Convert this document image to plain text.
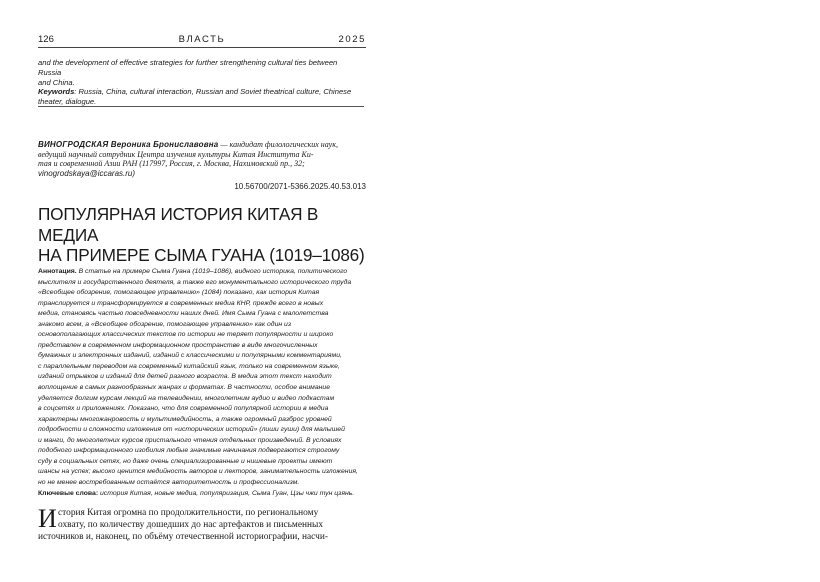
126	ВЛАСТЬ	2025
and the development of effective strategies for further strengthening cultural ties between Russia
and China.
Keywords: Russia, China, cultural interaction, Russian and Soviet theatrical culture, Chinese
theater, dialogue.
ВИНОГРОДСКАЯ Вероника Брониславовна — кандидат филологических наук,
ведущий научный сотрудник Центра изучения культуры Китая Института Ки-
тая и современной Азии РАН (117997, Россия, г. Москва, Нахимовский пр., 32;
vinogrodskaya@iccaras.ru)
10.56700/2071-5366.2025.40.53.013
ПОПУЛЯРНАЯ ИСТОРИЯ КИТАЯ В МЕДИА
НА ПРИМЕРЕ СЫМА ГУАНА (1019–1086)
Аннотация. В статье на примере Сыма Гуана (1019–1086), видного историка, политического
мыслителя и государственного деятеля, а также его монументального исторического труда
«Всеобщее обозрение, помогающее управлению» (1084) показано, как история Китая
транслируется и трансформируется в современных медиа КНР, прежде всего в новых
медиа, становясь частью повседневности наших дней. Имя Сыма Гуана с малолетства
знакомо всем, а «Всеобщее обозрение, помогающее управлению» как один из
основополагающих классических текстов по истории не теряет популярности и широко
представлен в современном информационном пространстве в виде многочисленных
бумажных и электронных изданий, изданий с классическими и популярными комментариями,
с параллельным переводом на современный китайский язык, только на современном языке,
изданий отрывков и изданий для детей разного возраста. В медиа этот текст находит
воплощение в самых разнообразных жанрах и форматах. В частности, особое внимание
уделяется долгим курсам лекций на телевидении, многолетним аудио и видео подкастам
в соцсетях и приложениях. Показано, что для современной популярной истории в медиа
характерны многожанровость и мультимедийность, а также огромный разброс уровней
подробности и сложности изложения от «исторических историй» (лиши гуши) для малышей
и манги, до многолетних курсов пристального чтения отдельных произведений. В условиях
подобного информационного изобилия любые значимые начинания подвергаются строгому
суду в социальных сетях, но даже очень специализированные и нишевые проекты имеют
шансы на успех; высоко ценится медийность авторов и лекторов, занимательность изложения,
но не менее востребованным остаётся авторитетность и профессионализм.
Ключевые слова: история Китая, новые медиа, популяризация, Сыма Гуан, Цзы чжи тун цзянь.
И стория Китая огромна по продолжительности, по региональному
охвату, по количеству дошедших до нас артефактов и письменных
источников и, наконец, по объёму отечественной историографии, насчи-
